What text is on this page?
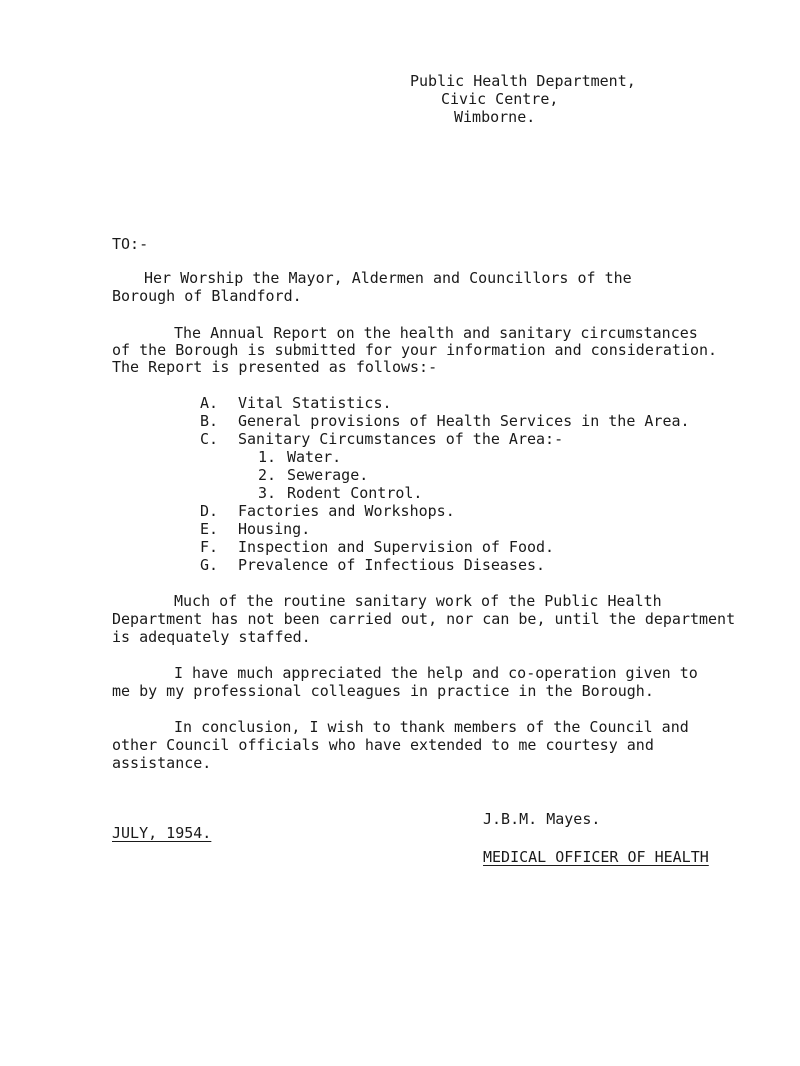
Public Health Department,
Civic Centre,
Wimborne.
TO:-
Her Worship the Mayor, Aldermen and Councillors of the
Borough of Blandford.
The Annual Report on the health and sanitary circumstances
of the Borough is submitted for your information and consideration.
The Report is presented as follows:-
A. Vital Statistics.
B. General provisions of Health Services in the Area.
C. Sanitary Circumstances of the Area:-
1. Water.
2. Sewerage.
3. Rodent Control.
D. Factories and Workshops.
E. Housing.
F. Inspection and Supervision of Food.
G. Prevalence of Infectious Diseases.
Much of the routine sanitary work of the Public Health
Department has not been carried out, nor can be, until the department
is adequately staffed.
I have much appreciated the help and co-operation given to
me by my professional colleagues in practice in the Borough.
In conclusion, I wish to thank members of the Council and
other Council officials who have extended to me courtesy and
assistance.
J.B.M. Mayes.
JULY, 1954.
MEDICAL OFFICER OF HEALTH
